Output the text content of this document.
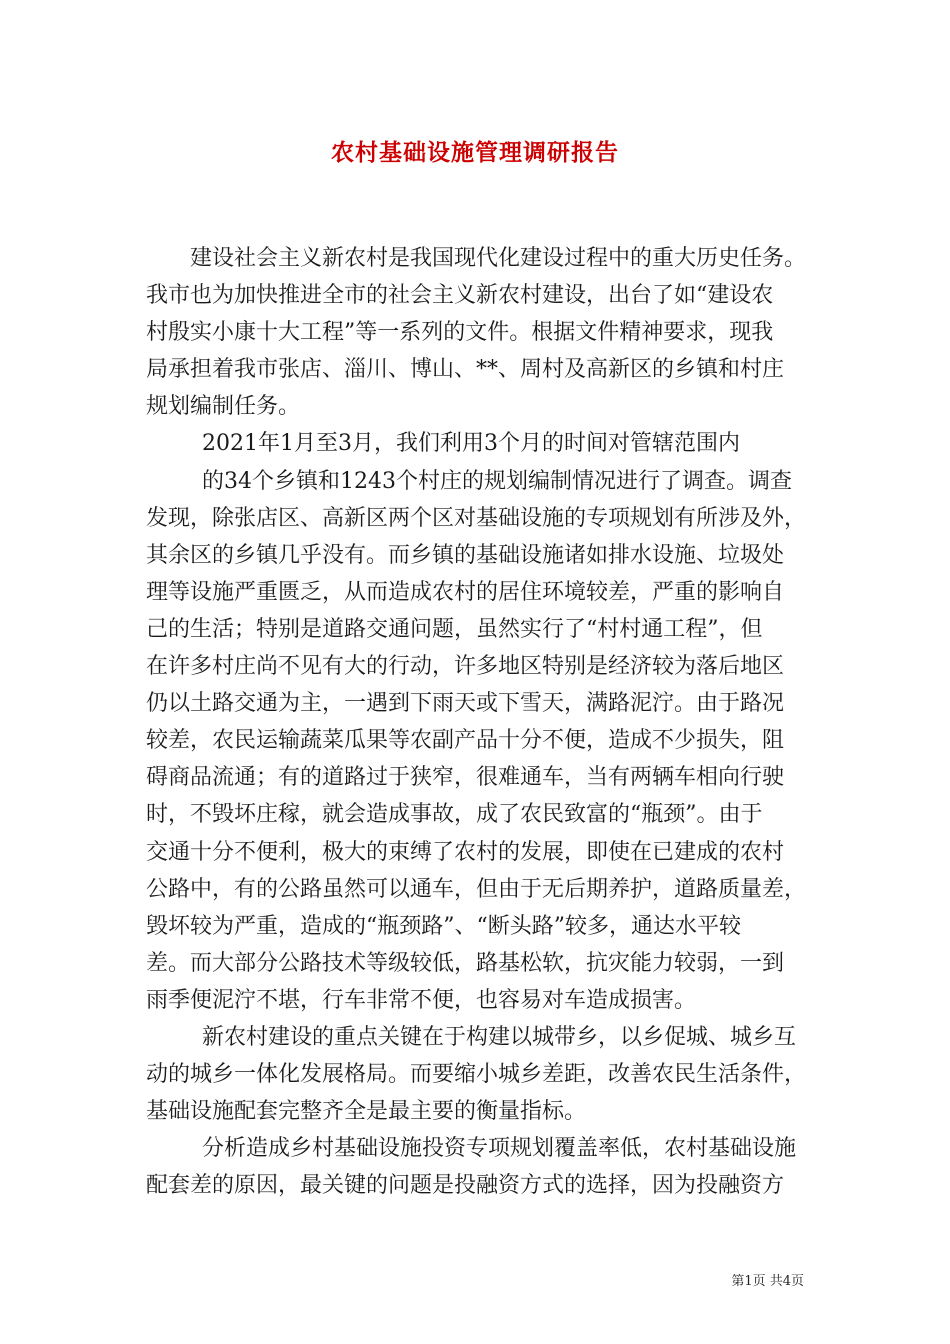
农村基础设施管理调研报告
建设社会主义新农村是我国现代化建设过程中的重大历史任务。
我市也为加快推进全市的社会主义新农村建设，出台了如“建设农
村殷实小康十大工程”等一系列的文件。根据文件精神要求，现我
局承担着我市张店、淄川、博山、**、周村及高新区的乡镇和村庄
规划编制任务。
2021年1月至3月，我们利用3个月的时间对管辖范围内
的34个乡镇和1243个村庄的规划编制情况进行了调查。调查
发现，除张店区、高新区两个区对基础设施的专项规划有所涉及外，
其余区的乡镇几乎没有。而乡镇的基础设施诸如排水设施、垃圾处
理等设施严重匮乏，从而造成农村的居住环境较差，严重的影响自
己的生活；特别是道路交通问题，虽然实行了“村村通工程”，但
在许多村庄尚不见有大的行动，许多地区特别是经济较为落后地区
仍以土路交通为主，一遇到下雨天或下雪天，满路泥泞。由于路况
较差，农民运输蔬菜瓜果等农副产品十分不便，造成不少损失，阻
碍商品流通；有的道路过于狭窄，很难通车，当有两辆车相向行驶
时，不毁坏庄稼，就会造成事故，成了农民致富的“瓶颈”。由于
交通十分不便利，极大的束缚了农村的发展，即使在已建成的农村
公路中，有的公路虽然可以通车，但由于无后期养护，道路质量差，
毁坏较为严重，造成的“瓶颈路”、“断头路”较多，通达水平较
差。而大部分公路技术等级较低，路基松软，抗灾能力较弱，一到
雨季便泥泞不堪，行车非常不便，也容易对车造成损害。
新农村建设的重点关键在于构建以城带乡，以乡促城、城乡互
动的城乡一体化发展格局。而要缩小城乡差距，改善农民生活条件，
基础设施配套完整齐全是最主要的衡量指标。
分析造成乡村基础设施投资专项规划覆盖率低，农村基础设施
配套差的原因，最关键的问题是投融资方式的选择，因为投融资方
第1页 共4页
